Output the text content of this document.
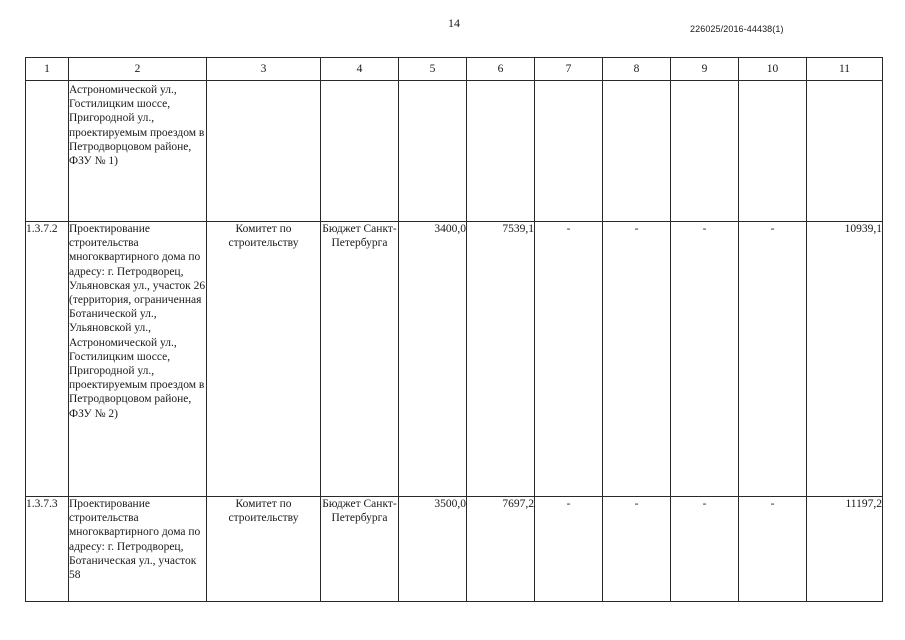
14	226025/2016-44438(1)
1	2	3	4	5	6	7	8	9	10	11
	Астрономической ул., Гостилицким шоссе, Пригородной ул., проектируемым проездом в Петродворцовом районе, ФЗУ № 1)									
1.3.7.2	Проектирование строительства многоквартирного дома по адресу: г. Петродворец, Ульяновская ул., участок 26 (территория, ограниченная Ботанической ул., Ульяновской ул., Астрономической ул., Гостилицким шоссе, Пригородной ул., проектируемым проездом в Петродворцовом районе, ФЗУ № 2)	Комитет по строительству	Бюджет Санкт-Петербурга	3400,0	7539,1	-	-	-	-	10939,1
1.3.7.3	Проектирование строительства многоквартирного дома по адресу: г. Петродворец, Ботаническая ул., участок 58	Комитет по строительству	Бюджет Санкт-Петербурга	3500,0	7697,2	-	-	-	-	11197,2
